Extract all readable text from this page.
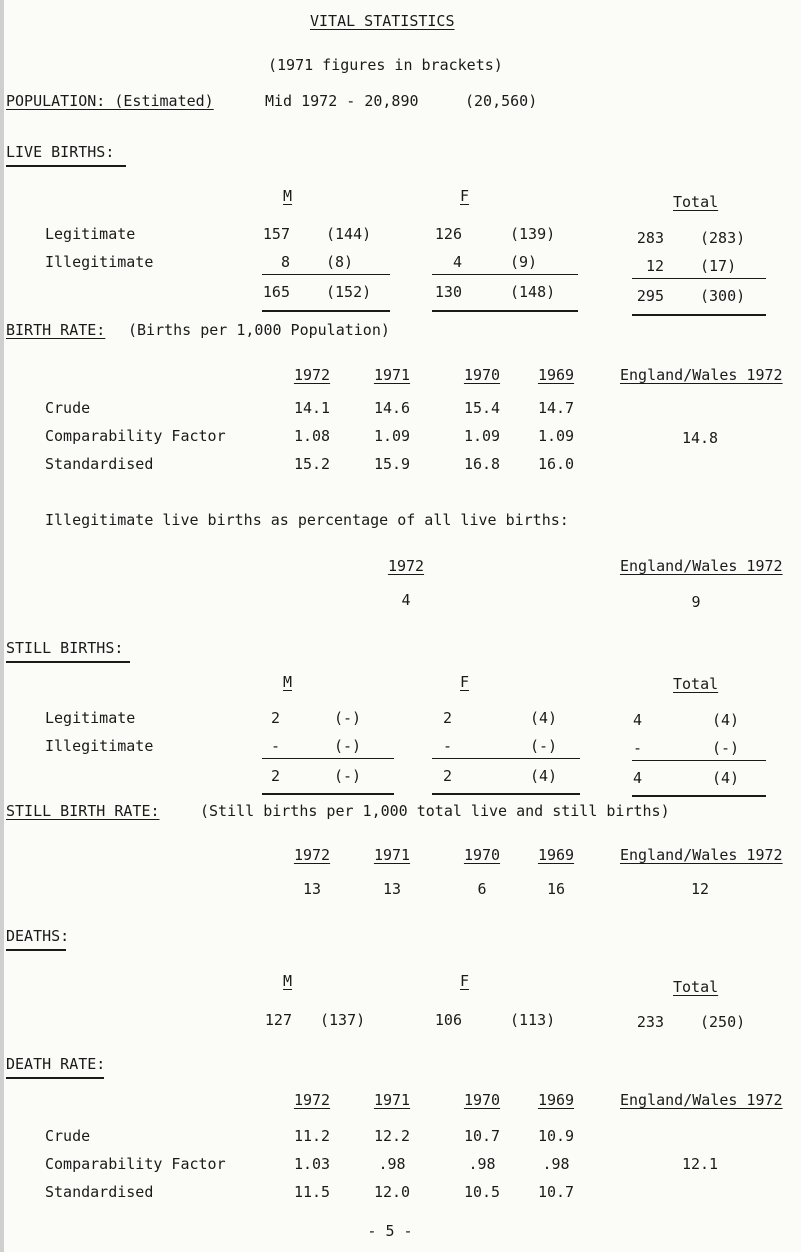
VITAL STATISTICS
(1971 figures in brackets)
POPULATION: (Estimated)	Mid 1972 - 20,890	(20,560)
LIVE BIRTHS:
M	F	Total
Legitimate	157 (144)	126	(139)	283 (283)
Illegitimate	8 (8)	4	(9)	12 (17)
165 (152)	130	(148)	295 (300)
BIRTH RATE: (Births per 1,000 Population)
1972	1971	1970	1969	England/Wales 1972
Crude	14.1	14.6	15.4	14.7
Comparability Factor	1.08	1.09	1.09	1.09	14.8
Standardised	15.2	15.9	16.8	16.0
Illegitimate live births as percentage of all live births:
1972	England/Wales 1972
4	9
STILL BIRTHS:
M	F	Total
Legitimate	2	(-)	2	(4)	4	(4)
Illegitimate	-	(-)	-	(-)	-	(-)
2	(-)	2	(4)	4	(4)
STILL BIRTH RATE:	(Still births per 1,000 total live and still births)
1972	1971	1970	1969	England/Wales 1972
13	13	6	16	12
DEATHS:
M	F	Total
127 (137)	106	(113)	233 (250)
DEATH RATE:
1972	1971	1970	1969	England/Wales 1972
Crude	11.2	12.2	10.7	10.9
Comparability Factor	1.03	.98	.98	.98	12.1
Standardised	11.5	12.0	10.5	10.7
- 5 -
